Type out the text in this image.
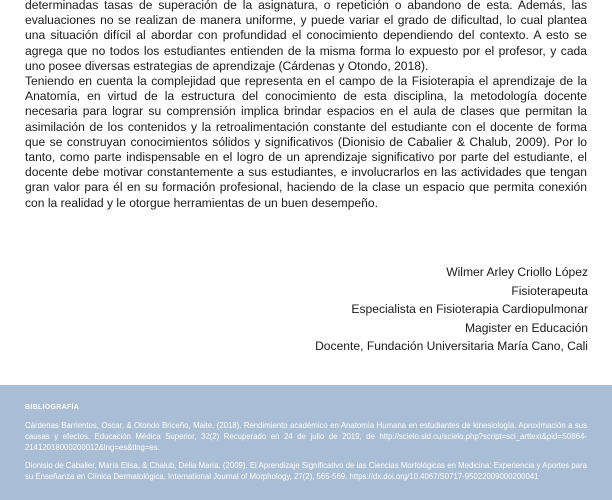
determinadas tasas de superación de la asignatura, o repetición o abandono de esta. Además, las evaluaciones no se realizan de manera uniforme, y puede variar el grado de dificultad, lo cual plantea una situación difícil al abordar con profundidad el conocimiento dependiendo del contexto. A esto se agrega que no todos los estudiantes entienden de la misma forma lo expuesto por el profesor, y cada uno posee diversas estrategias de aprendizaje (Cárdenas y Otondo, 2018).

Teniendo en cuenta la complejidad que representa en el campo de la Fisioterapia el aprendizaje de la Anatomía, en virtud de la estructura del conocimiento de esta disciplina, la metodología docente necesaria para lograr su comprensión implica brindar espacios en el aula de clases que permitan la asimilación de los contenidos y la retroalimentación constante del estudiante con el docente de forma que se construyan conocimientos sólidos y significativos (Dionisio de Cabalier & Chalub, 2009). Por lo tanto, como parte indispensable en el logro de un aprendizaje significativo por parte del estudiante, el docente debe motivar constantemente a sus estudiantes, e involucrarlos en las actividades que tengan gran valor para él en su formación profesional, haciendo de la clase un espacio que permita conexión con la realidad y le otorgue herramientas de un buen desempeño.

Wilmer Arley Criollo López
Fisioterapeuta
Especialista en Fisioterapia Cardiopulmonar
Magister en Educación
Docente, Fundación Universitaria María Cano, Cali
BIBLIOGRAFÍA

Cárdenas Barrientos, Oscar, & Otondo Briceño, Maite. (2018). Rendimiento académico en Anatomía Humana en estudiantes de kinesiología. Aproximación a sus causas y efectos. Educación Médica Superior, 32(2) Recuperado en 24 de julio de 2019, de http://scielo.sld.cu/scielo.php?script=sci_arttext&pid=S0864-21412018000200012&lng=es&tlng=es.

Dionisio de Cabalier, María Elisa, & Chalub, Delia María. (2009). El Aprendizaje Significativo de las Ciencias Morfológicas en Medicina: Experiencia y Aportes para su Enseñanza en Clínica Dermatológica. International Journal of Morphology, 27(2), 565-569. https://dx.doi.org/10.4067/S0717-95022009000200041
